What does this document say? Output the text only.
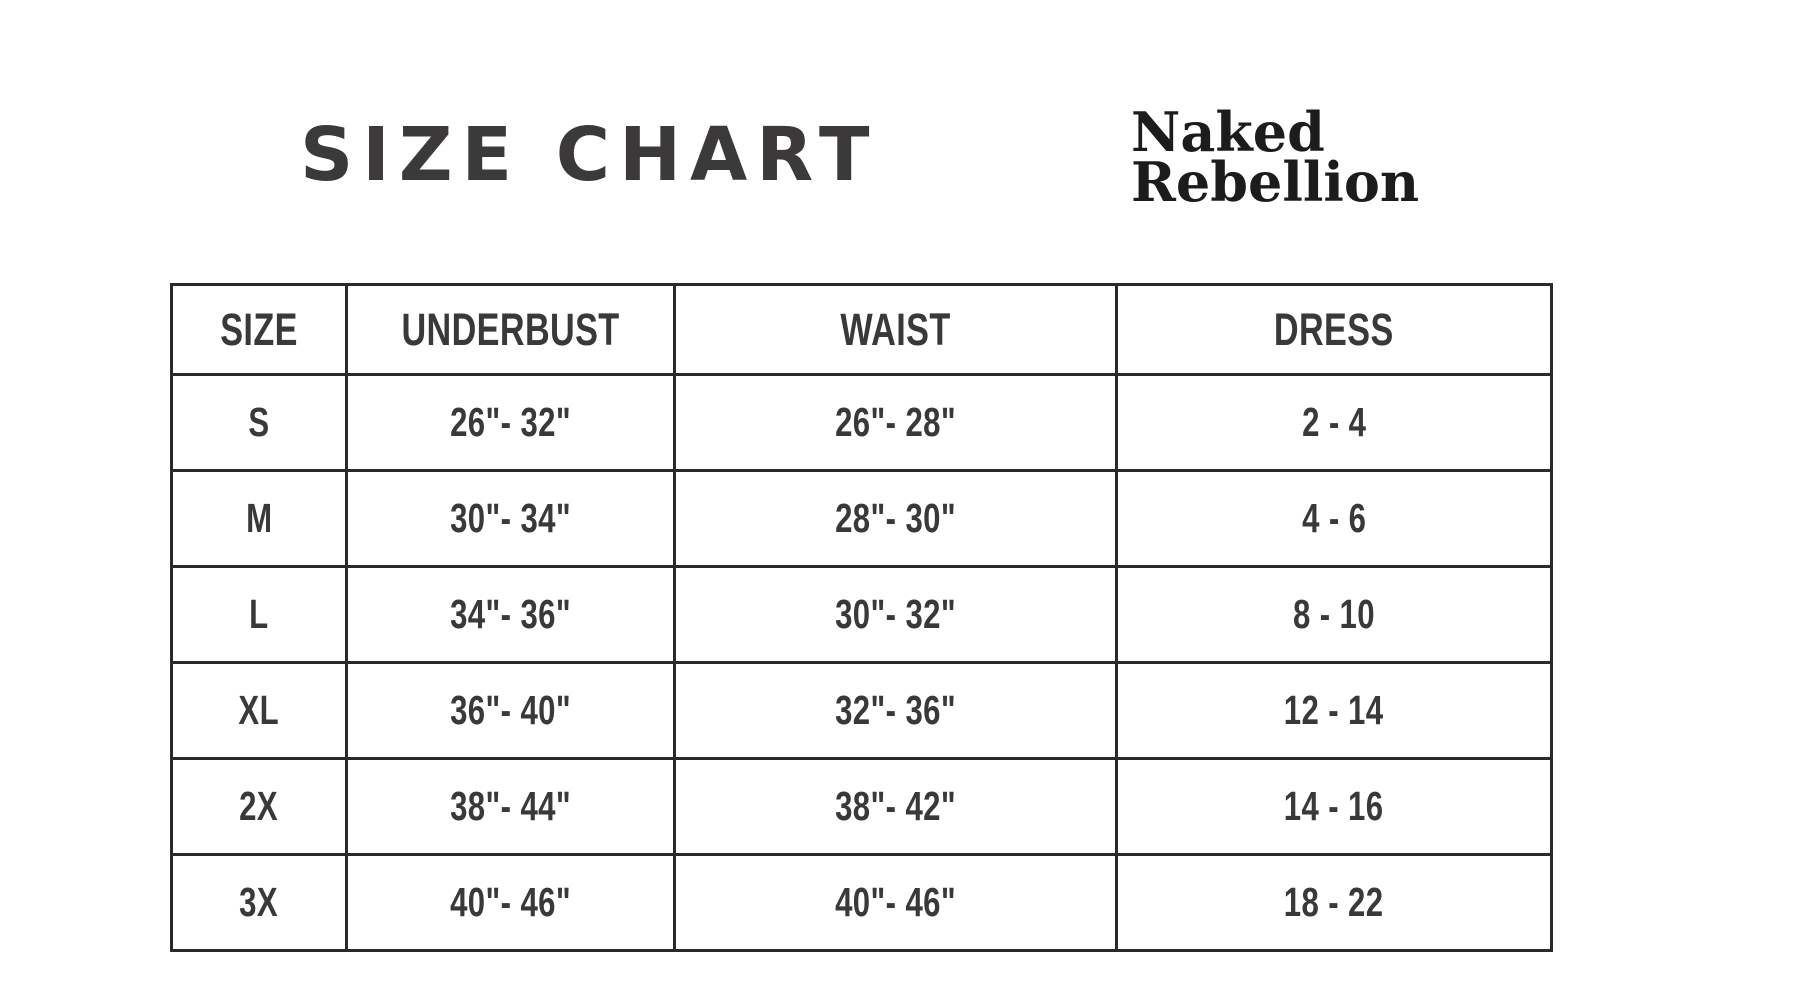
SIZE CHART	Naked
Rebellion
SIZE	UNDERBUST	WAIST	DRESS
S	26"- 32"	26"- 28"	2 - 4
M	30"- 34"	28"- 30"	4 - 6
L	34"- 36"	30"- 32"	8 - 10
XL	36"- 40"	32"- 36"	12 - 14
2X	38"- 44"	38"- 42"	14 - 16
3X	40"- 46"	40"- 46"	18 - 22
